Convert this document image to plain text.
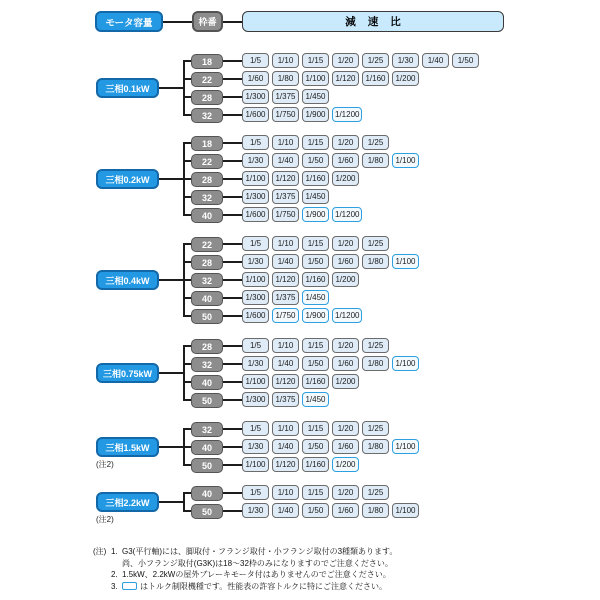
モータ容量	枠番	減速比
三相0.1kW
18	1/5	1/10	1/15	1/20	1/25	1/30	1/40	1/50
22	1/60	1/80	1/100	1/120	1/160	1/200
28	1/300	1/375	1/450
32	1/600	1/750	1/900	1/1200
三相0.2kW
18	1/5	1/10	1/15	1/20	1/25
22	1/30	1/40	1/50	1/60	1/80	1/100
28	1/100	1/120	1/160	1/200
32	1/300	1/375	1/450
40	1/600	1/750	1/900	1/1200
三相0.4kW
22	1/5	1/10	1/15	1/20	1/25
28	1/30	1/40	1/50	1/60	1/80	1/100
32	1/100	1/120	1/160	1/200
40	1/300	1/375	1/450
50	1/600	1/750	1/900	1/1200
三相0.75kW
28	1/5	1/10	1/15	1/20	1/25
32	1/30	1/40	1/50	1/60	1/80	1/100
40	1/100	1/120	1/160	1/200
50	1/300	1/375	1/450
三相1.5kW
(注2)
32	1/5	1/10	1/15	1/20	1/25
40	1/30	1/40	1/50	1/60	1/80	1/100
50	1/100	1/120	1/160	1/200
三相2.2kW
(注2)
40	1/5	1/10	1/15	1/20	1/25
50	1/30	1/40	1/50	1/60	1/80	1/100
(注) 1. G3(平行軸)には、脚取付・フランジ取付・小フランジ取付の3種類あります。
尚、小フランジ取付(G3K)は18～32枠のみになりますのでご注意ください。
2. 1.5kW、2.2kWの屋外ブレーキモータ付はありませんのでご注意ください。
3.	はトルク制限機種です。性能表の許容トルクに特にご注意ください。
